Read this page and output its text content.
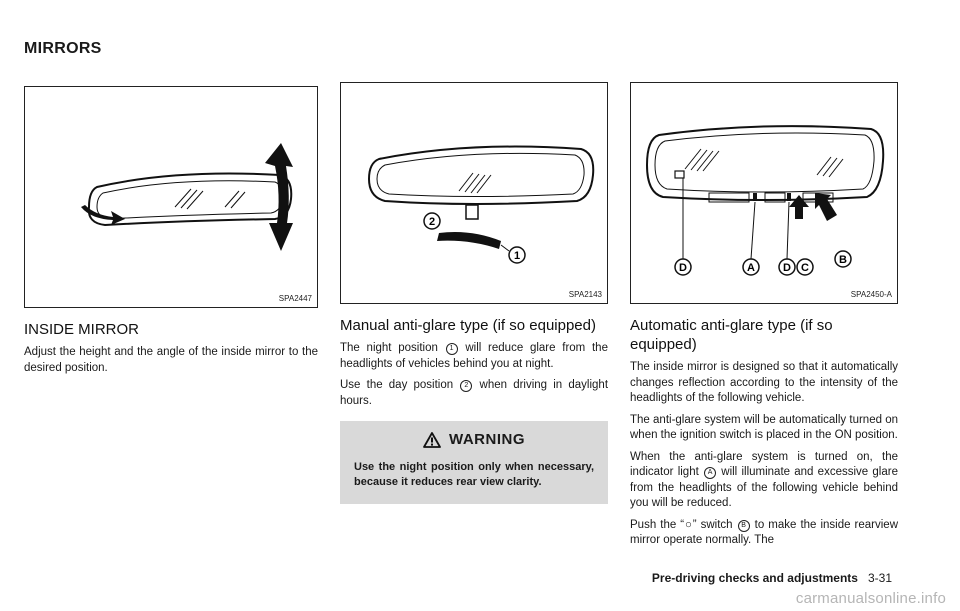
MIRRORS
SPA2447
INSIDE MIRROR

Adjust the height and the angle of the inside mirror to the desired position.

2
1
SPA2143
Manual anti-glare type (if so equipped)

The night position 1 will reduce glare from the headlights of vehicles behind you at night.

Use the day position 2 when driving in daylight hours.

WARNING

Use the night position only when necessary, because it reduces rear view clarity.

D	A	D C
B
SPA2450-A
Automatic anti-glare type (if so equipped)

The inside mirror is designed so that it automatically changes reflection according to the intensity of the headlights of the following vehicle.

The anti-glare system will be automatically turned on when the ignition switch is placed in the ON position.

When the anti-glare system is turned on, the indicator light A will illuminate and excessive glare from the headlights of the following vehicle behind you will be reduced.

Push the “○” switch B to make the inside rearview mirror operate normally. The

Pre-driving checks and adjustments 3-31
carmanualsonline.info
